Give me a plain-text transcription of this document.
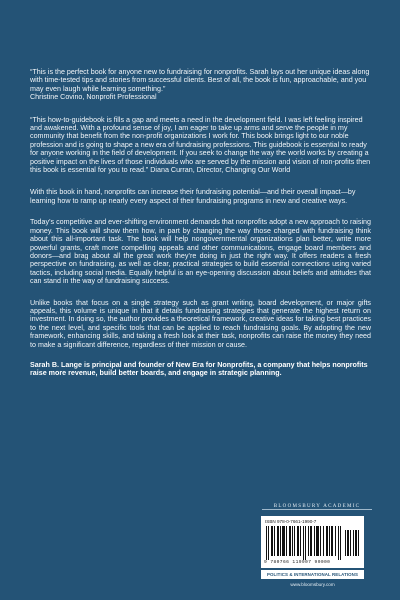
“This is the perfect book for anyone new to fundraising for nonprofits. Sarah lays out her unique ideas along with time-tested tips and stories from successful clients. Best of all, the book is fun, approachable, and you may even laugh while learning something.”
Christine Covino, Nonprofit Professional

“This how-to-guidebook is fills a gap and meets a need in the development field. I was left feeling inspired and awakened. With a profound sense of joy, I am eager to take up arms and serve the people in my community that benefit from the non-profit organizations I work for. This book brings light to our noble profession and is going to shape a new era of fundraising professions. This guidebook is essential to ready for anyone working in the field of development. If you seek to change the way the world works by creating a positive impact on the lives of those individuals who are served by the mission and vision of non-profits then this book is essential for you to read.” Diana Curran, Director, Changing Our World

With this book in hand, nonprofits can increase their fundraising potential—and their overall impact—by learning how to ramp up nearly every aspect of their fundraising programs in new and creative ways.

Today’s competitive and ever-shifting environment demands that nonprofits adopt a new approach to raising money. This book will show them how, in part by changing the way those charged with fundraising think about this all-important task. The book will help nongovernmental organizations plan better, write more powerful grants, craft more compelling appeals and other communications, engage board members and donors—and brag about all the great work they’re doing in just the right way. It offers readers a fresh perspective on fundraising, as well as clear, practical strategies to build essential connections using varied tactics, including social media. Equally helpful is an eye-opening discussion about beliefs and attitudes that can stand in the way of fundraising success.

Unlike books that focus on a single strategy such as grant writing, board development, or major gifts appeals, this volume is unique in that it details fundraising strategies that generate the highest return on investment. In doing so, the author provides a theoretical framework, creative ideas for taking best practices to the next level, and specific tools that can be applied to reach fundraising goals. By adopting the new framework, enhancing skills, and taking a fresh look at their task, nonprofits can raise the money they need to make a significant difference, regardless of their mission or cause.

Sarah B. Lange is principal and founder of New Era for Nonprofits, a company that helps nonprofits raise more revenue, build better boards, and engage in strategic planning.

BLOOMSBURY ACADEMIC
ISBN 978-0-7661-1990-7
9 780766 119907 90000
POLITICS & INTERNATIONAL RELATIONS
www.bloomsbury.com
